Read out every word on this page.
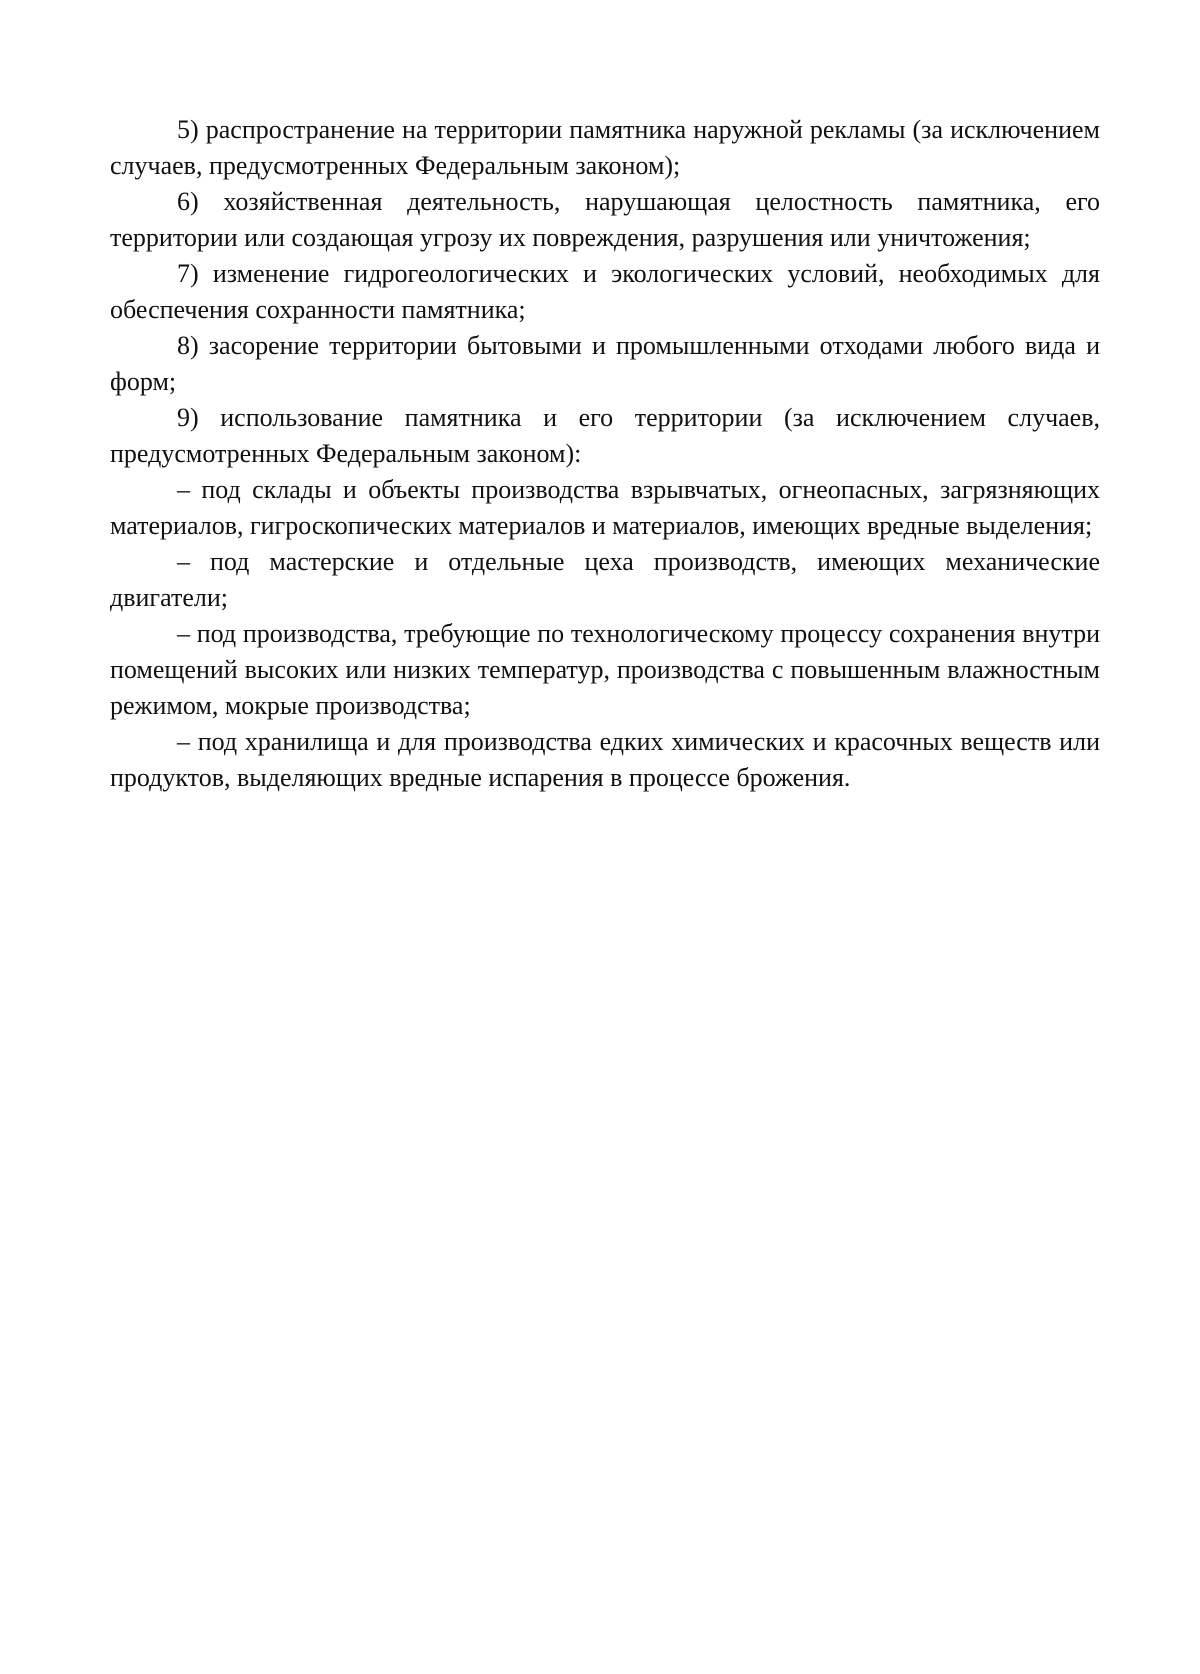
5) распространение на территории памятника наружной рекламы (за исключением случаев, предусмотренных Федеральным законом);

6) хозяйственная деятельность, нарушающая целостность памятника, его территории или создающая угрозу их повреждения, разрушения или уничтожения;

7) изменение гидрогеологических и экологических условий, необходимых для обеспечения сохранности памятника;

8) засорение территории бытовыми и промышленными отходами любого вида и форм;

9) использование памятника и его территории (за исключением случаев, предусмотренных Федеральным законом):

– под склады и объекты производства взрывчатых, огнеопасных, загрязняющих материалов, гигроскопических материалов и материалов, имеющих вредные выделения;

– под мастерские и отдельные цеха производств, имеющих механические двигатели;

– под производства, требующие по технологическому процессу сохранения внутри помещений высоких или низких температур, производства с повышенным влажностным режимом, мокрые производства;

– под хранилища и для производства едких химических и красочных веществ или продуктов, выделяющих вредные испарения в процессе брожения.
